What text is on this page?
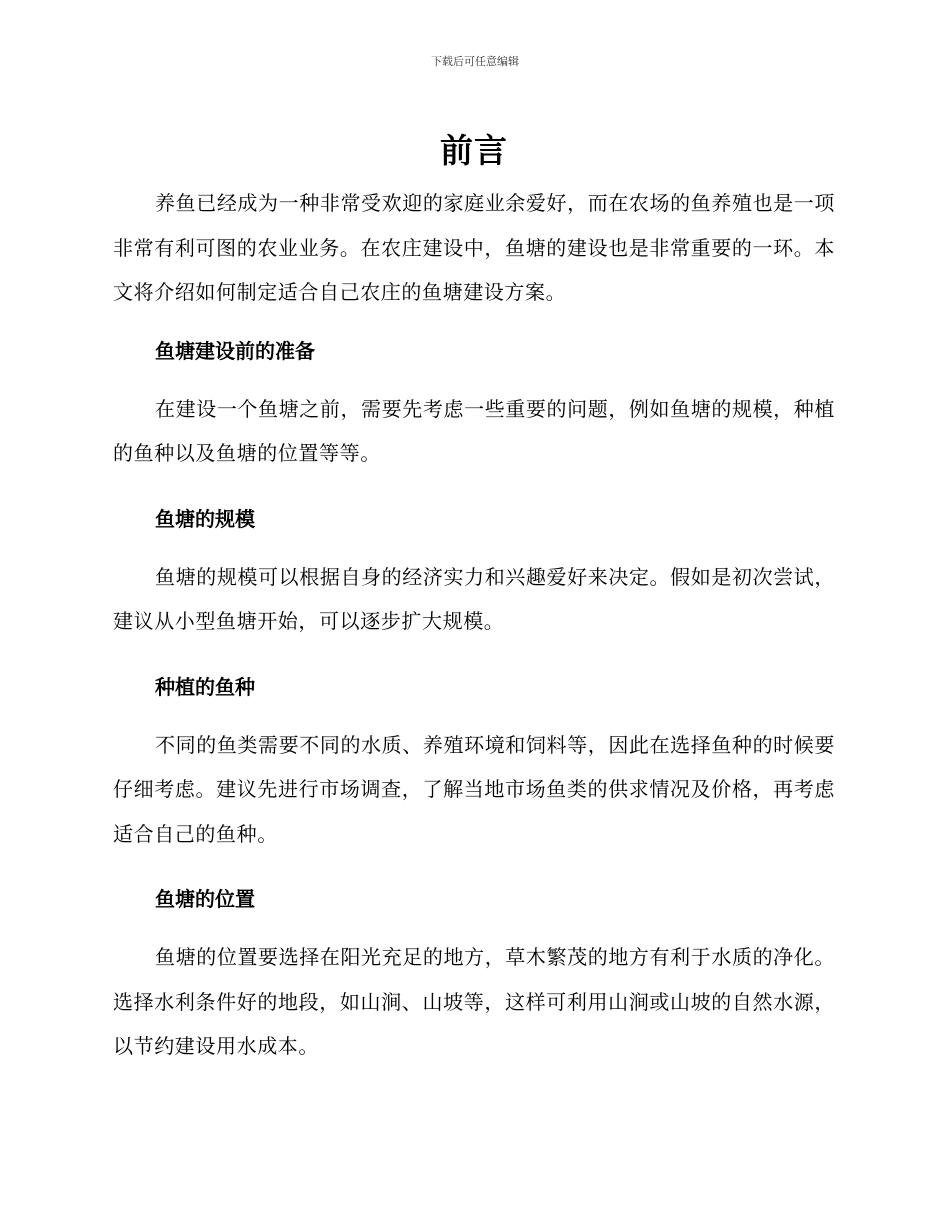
下载后可任意编辑
前言

养鱼已经成为一种非常受欢迎的家庭业余爱好，而在农场的鱼养殖也是一项非常有利可图的农业业务。在农庄建设中，鱼塘的建设也是非常重要的一环。本文将介绍如何制定适合自己农庄的鱼塘建设方案。

鱼塘建设前的准备

在建设一个鱼塘之前，需要先考虑一些重要的问题，例如鱼塘的规模，种植的鱼种以及鱼塘的位置等等。

鱼塘的规模

鱼塘的规模可以根据自身的经济实力和兴趣爱好来决定。假如是初次尝试，建议从小型鱼塘开始，可以逐步扩大规模。

种植的鱼种

不同的鱼类需要不同的水质、养殖环境和饲料等，因此在选择鱼种的时候要仔细考虑。建议先进行市场调查，了解当地市场鱼类的供求情况及价格，再考虑适合自己的鱼种。

鱼塘的位置

鱼塘的位置要选择在阳光充足的地方，草木繁茂的地方有利于水质的净化。选择水利条件好的地段，如山涧、山坡等，这样可利用山涧或山坡的自然水源，以节约建设用水成本。
